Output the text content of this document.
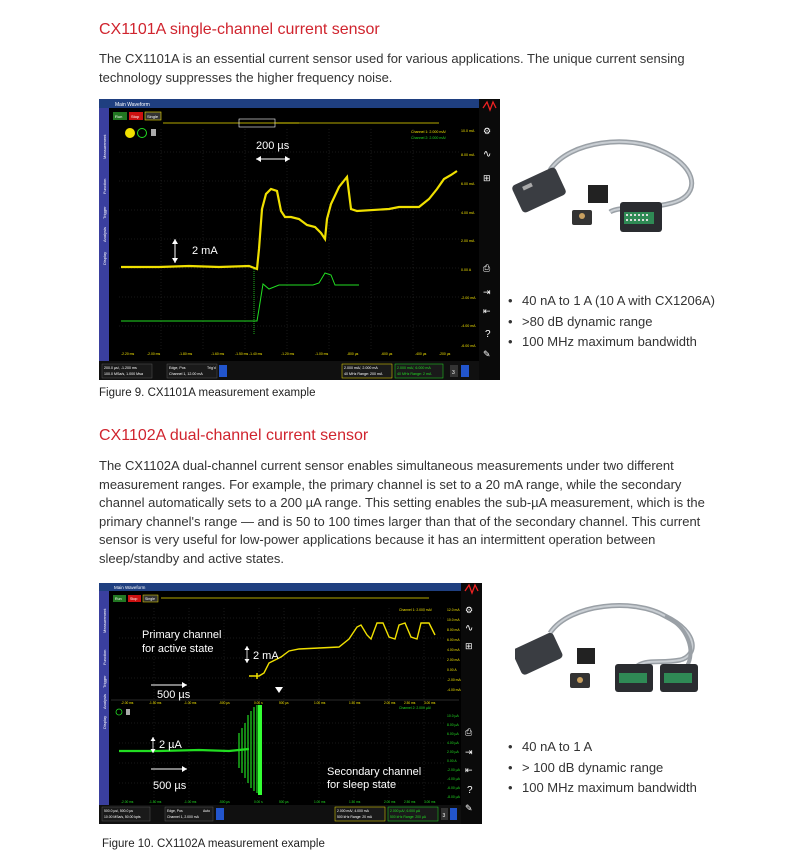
CX1101A single-channel current sensor

The CX1101A is an essential current sensor used for various applications. The unique current sensing technology suppresses the higher frequency noise.

Main Waveform
Measurement
Function
Trigger
Analysis
Display
Run Stop Single
Channel 1: 2.000 mA/
Channel 2: 2.000 mA/
10.0 mA
8.00 mA
6.00 mA
4.00 mA
2.00 mA
0.00 A
-2.00 mA
-4.00 mA
-6.00 mA
-2.20 ms	-2.00 ms	-1.80 ms	-1.60 ms	-1.50 ms -1.40 ms	-1.20 ms	-1.00 ms	-800 µs	-600 µs	-400 µs	-200 µs
200 µs
2 mA
200.0 µs/, -1.200 ms
100.0 MSa/s, 1.000 Msa
Edge, Pos
Channel 1, 12.00 mA
Trig'd	2.000 mA/, 2.000 mA
40 MHz Range: 200 mA
2.000 mA/, 6.000 mA
40 MHz Range: 2 mA	3
⚙
∿
⊞
⎙
⇥
⇤
?
✎
Figure 9. CX1101A measurement example
• 40 nA to 1 A (10 A with CX1206A)
• >80 dB dynamic range
• 100 MHz maximum bandwidth
CX1102A dual-channel current sensor

The CX1102A dual-channel current sensor enables simultaneous measurements under two different measurement ranges. For example, the primary channel is set to a 20 mA range, while the secondary channel automatically sets to a 200 µA range. This setting enables the sub-µA measurement, which is the primary channel's range — and is 50 to 100 times larger than that of the secondary channel. This current sensor is very useful for low-power applications because it has an intermittent operation between sleep/standby and active states.

Main Waveform
Measurement
Function
Trigger
Analysis
Display
Run Stop Single
Channel 1: 2.000 mA/
Channel 2: 2.000 µA/
12.0 mA
10.0 mA
8.00 mA
6.00 mA
4.00 mA
2.00 mA
0.00 A
-2.00 mA
-4.00 mA
10.0 µA
8.00 µA
6.00 µA
4.00 µA
2.00 µA
0.00 A
-2.00 µA
-4.00 µA
-6.00 µA
-8.00 µA
-2.00 ms	-1.50 ms	-1.00 ms	-500 µs	0.00 s	500 µs	1.00 ms	1.50 ms	2.00 ms	2.50 ms	3.00 ms
-2.00 ms	-1.50 ms	-1.00 ms	-500 µs	0.00 s	500 µs	1.00 ms	1.50 ms	2.00 ms	2.50 ms	3.00 ms
Primary channel
for active state
2 mA
500 µs
2 µA
500 µs
Secondary channel
for sleep state
500.0 µs/, 500.0 µs
10.00 MSa/s, 50.00 kpts
Edge, Pos
Channel 1, 2.000 mA
Auto	2.000 mA/, 4.000 mA
500 kHz Range: 20 mA
2.000 µA/, 6.000 µA
500 kHz Range: 200 µA	3
⚙
∿
⊞
⎙
⇥
⇤
?
✎
• 40 nA to 1 A
• > 100 dB dynamic range
• 100 MHz maximum bandwidth
Figure 10. CX1102A measurement example
